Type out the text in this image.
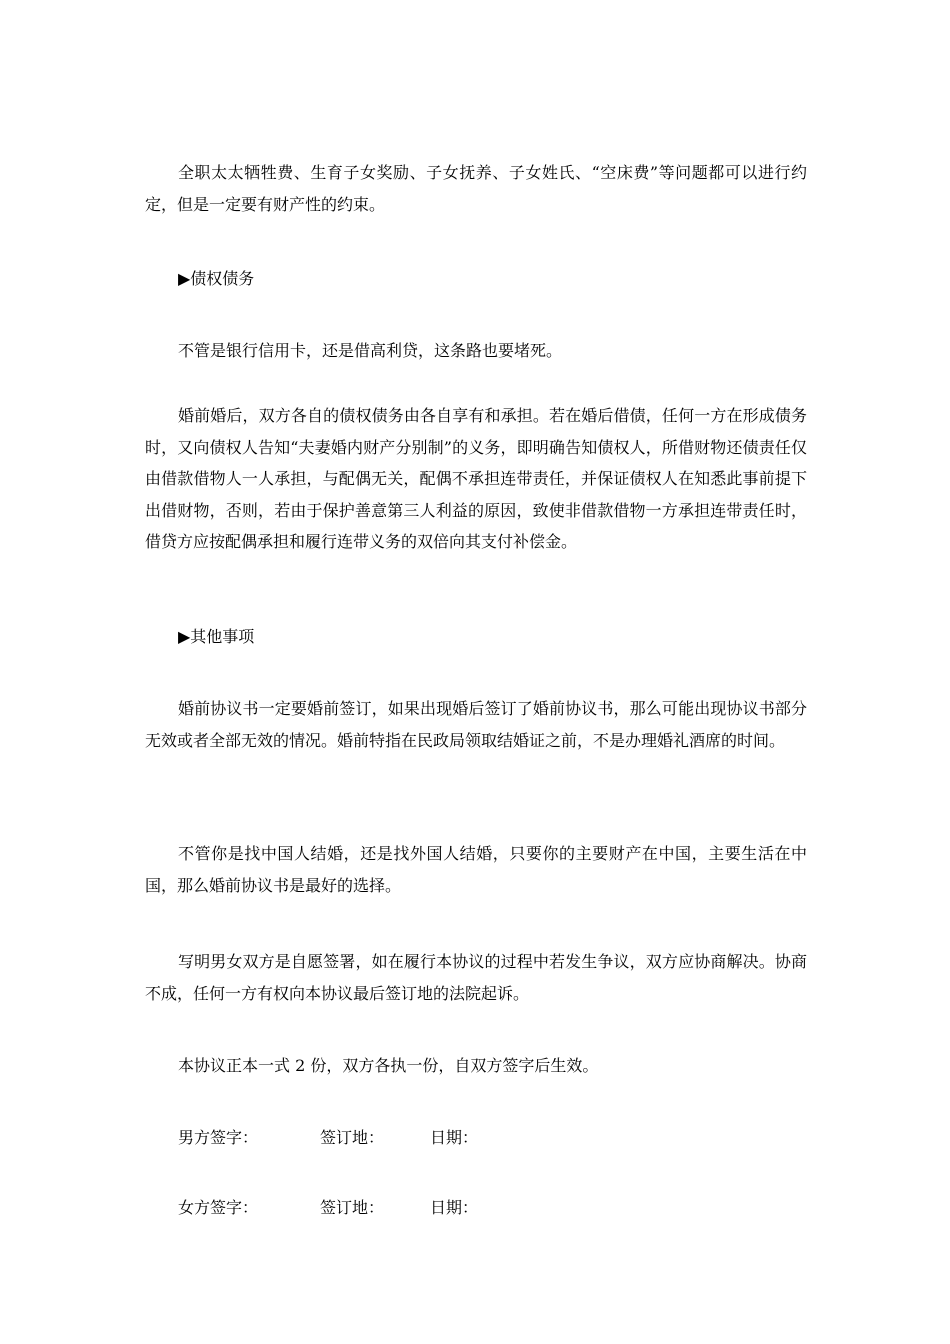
全职太太牺牲费、生育子女奖励、子女抚养、子女姓氏、“空床费”等问题都可以进行约定，但是一定要有财产性的约束。

▶债权债务

不管是银行信用卡，还是借高利贷，这条路也要堵死。

婚前婚后，双方各自的债权债务由各自享有和承担。若在婚后借债，任何一方在形成债务时，又向债权人告知“夫妻婚内财产分别制”的义务，即明确告知债权人，所借财物还债责任仅由借款借物人一人承担，与配偶无关，配偶不承担连带责任，并保证债权人在知悉此事前提下出借财物，否则，若由于保护善意第三人利益的原因，致使非借款借物一方承担连带责任时，借贷方应按配偶承担和履行连带义务的双倍向其支付补偿金。

▶其他事项

婚前协议书一定要婚前签订，如果出现婚后签订了婚前协议书，那么可能出现协议书部分无效或者全部无效的情况。婚前特指在民政局领取结婚证之前，不是办理婚礼酒席的时间。

不管你是找中国人结婚，还是找外国人结婚，只要你的主要财产在中国，主要生活在中国，那么婚前协议书是最好的选择。

写明男女双方是自愿签署，如在履行本协议的过程中若发生争议，双方应协商解决。协商不成，任何一方有权向本协议最后签订地的法院起诉。

本协议正本一式 2 份，双方各执一份，自双方签字后生效。

男方签字：	签订地：	日期：
女方签字：	签订地：	日期：
